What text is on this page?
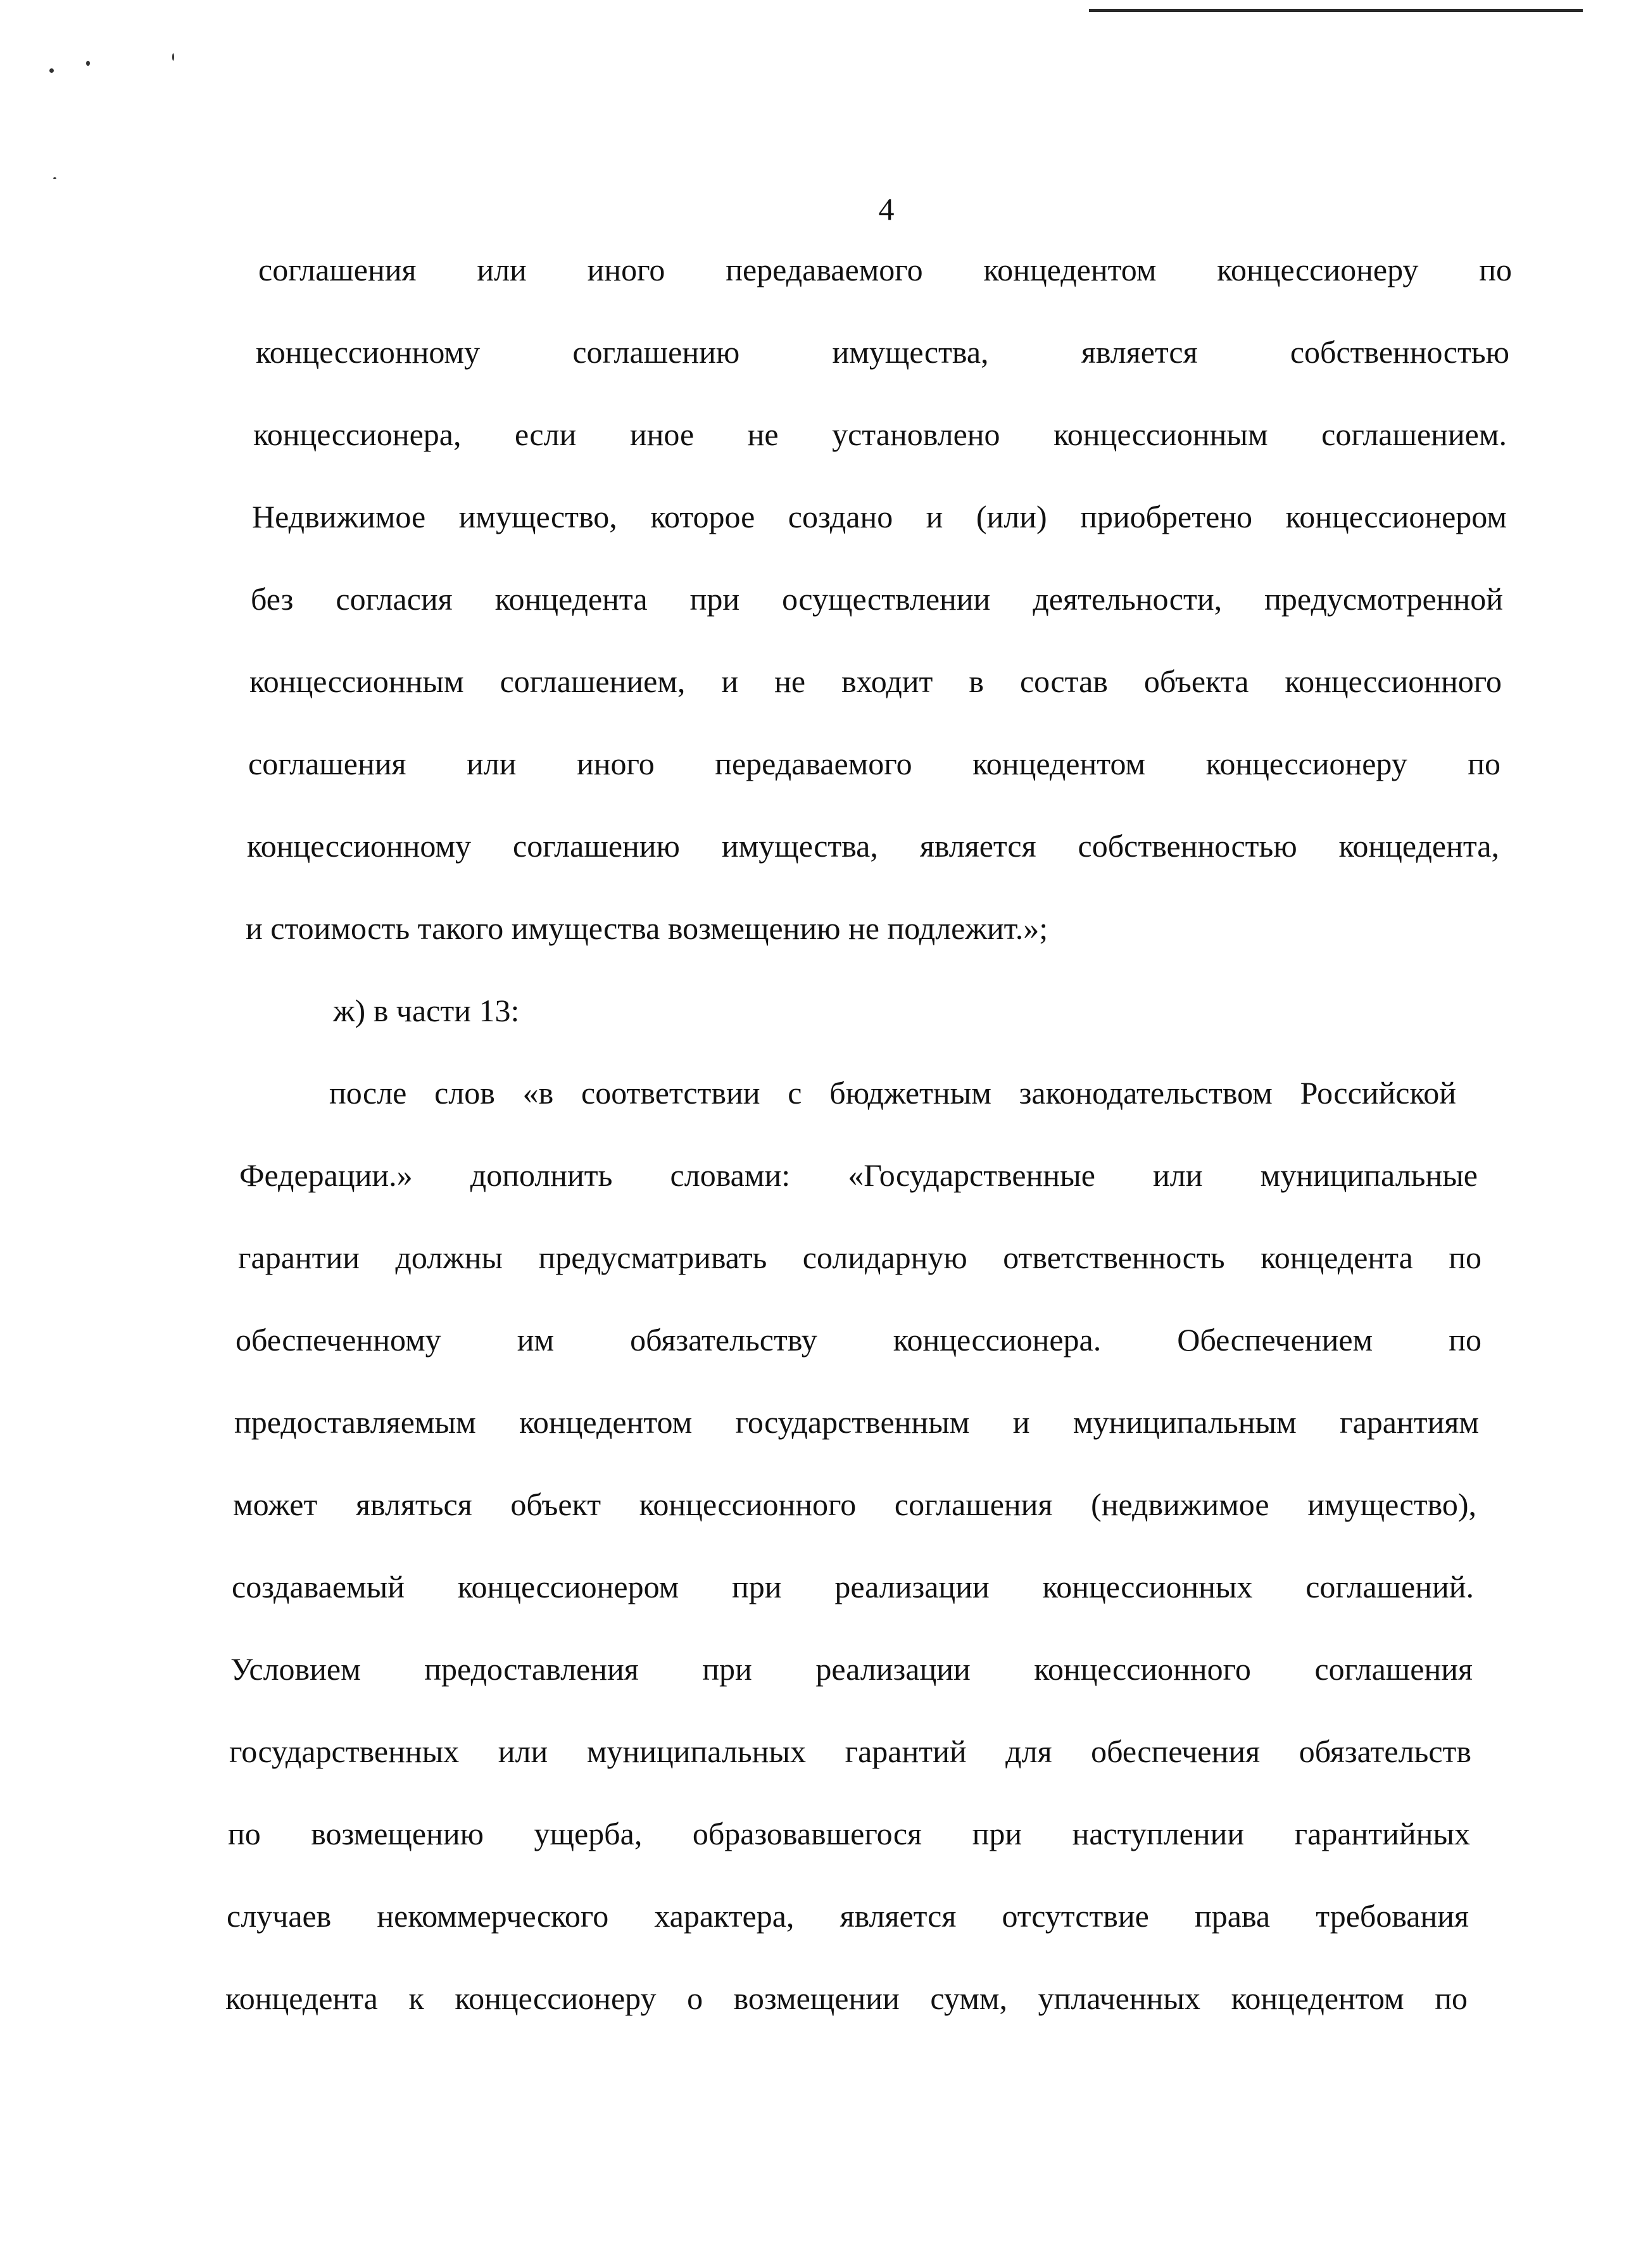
4
соглашения или иного передаваемого концедентом концессионеру по
концессионному соглашению имущества, является собственностью
концессионера, если иное не установлено концессионным соглашением.
Недвижимое имущество, которое создано и (или) приобретено концессионером
без согласия концедента при осуществлении деятельности, предусмотренной
концессионным соглашением, и не входит в состав объекта концессионного
соглашения или иного передаваемого концедентом концессионеру по
концессионному соглашению имущества, является собственностью концедента,
и стоимость такого имущества возмещению не подлежит.»;
ж) в части 13:
после слов «в соответствии с бюджетным законодательством Российской
Федерации.» дополнить словами: «Государственные или муниципальные
гарантии должны предусматривать солидарную ответственность концедента по
обеспеченному им обязательству концессионера. Обеспечением по
предоставляемым концедентом государственным и муниципальным гарантиям
может являться объект концессионного соглашения (недвижимое имущество),
создаваемый концессионером при реализации концессионных соглашений.
Условием предоставления при реализации концессионного соглашения
государственных или муниципальных гарантий для обеспечения обязательств
по возмещению ущерба, образовавшегося при наступлении гарантийных
случаев некоммерческого характера, является отсутствие права требования
концедента к концессионеру о возмещении сумм, уплаченных концедентом по
